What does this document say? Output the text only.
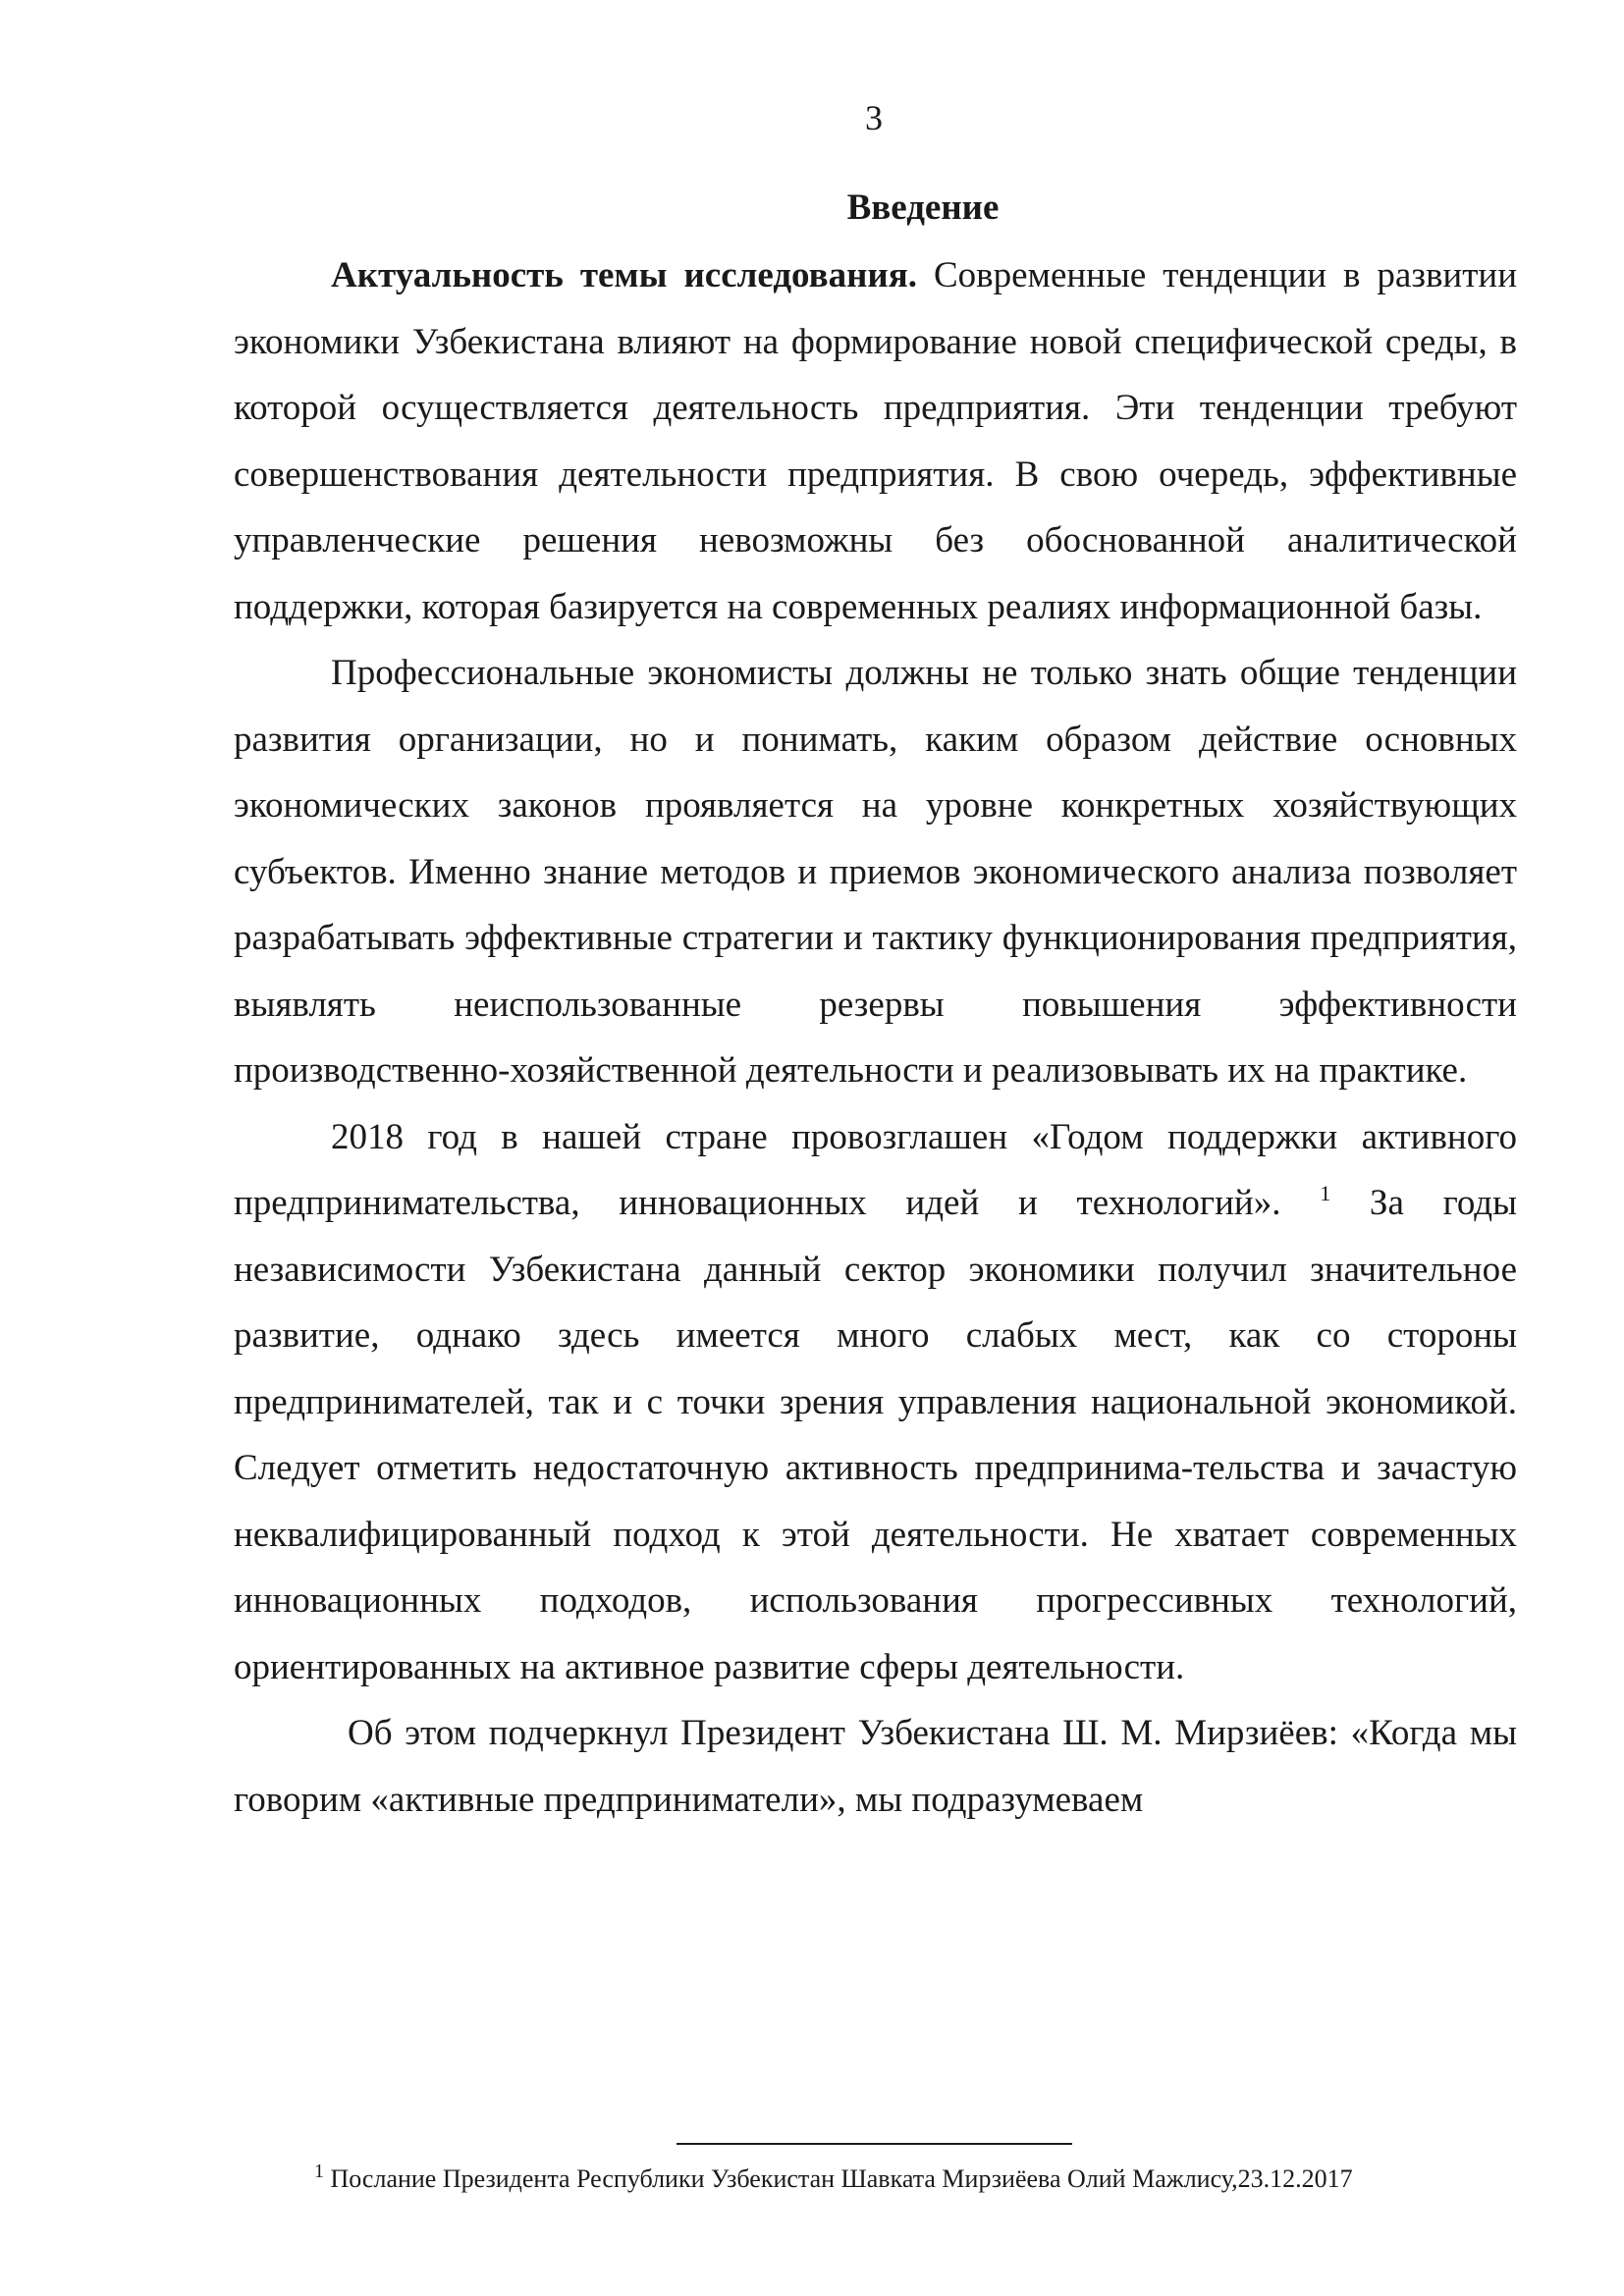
3
Введение

Актуальность темы исследования. Современные тенденции в развитии экономики Узбекистана влияют на формирование новой специфической среды, в которой осуществляется деятельность предприятия. Эти тенденции требуют совершенствования деятельности предприятия. В свою очередь, эффективные управленческие решения невозможны без обоснованной аналитической поддержки, которая базируется на современных реалиях информационной базы.

Профессиональные экономисты должны не только знать общие тенденции развития организации, но и понимать, каким образом действие основных экономических законов проявляется на уровне конкретных хозяйствующих субъектов. Именно знание методов и приемов экономического анализа позволяет разрабатывать эффективные стратегии и тактику функционирования предприятия, выявлять неиспользованные резервы повышения эффективности производственно-хозяйственной деятельности и реализовывать их на практике.

2018 год в нашей стране провозглашен «Годом поддержки активного предпринимательства, инновационных идей и технологий». $^1$ За годы независимости Узбекистана данный сектор экономики получил значительное развитие, однако здесь имеется много слабых мест, как со стороны предпринимателей, так и с точки зрения управления национальной экономикой. Следует отметить недостаточную активность предпринима-тельства и зачастую неквалифицированный подход к этой деятельности. Не хватает современных инновационных подходов, использования прогрессивных технологий, ориентированных на активное развитие сферы деятельности.

Об этом подчеркнул Президент Узбекистана Ш. М. Мирзиёев: «Когда мы говорим «активные предприниматели», мы подразумеваем

$^1$ Послание Президента Республики Узбекистан Шавката Мирзиёева Олий Мажлису,23.12.2017
